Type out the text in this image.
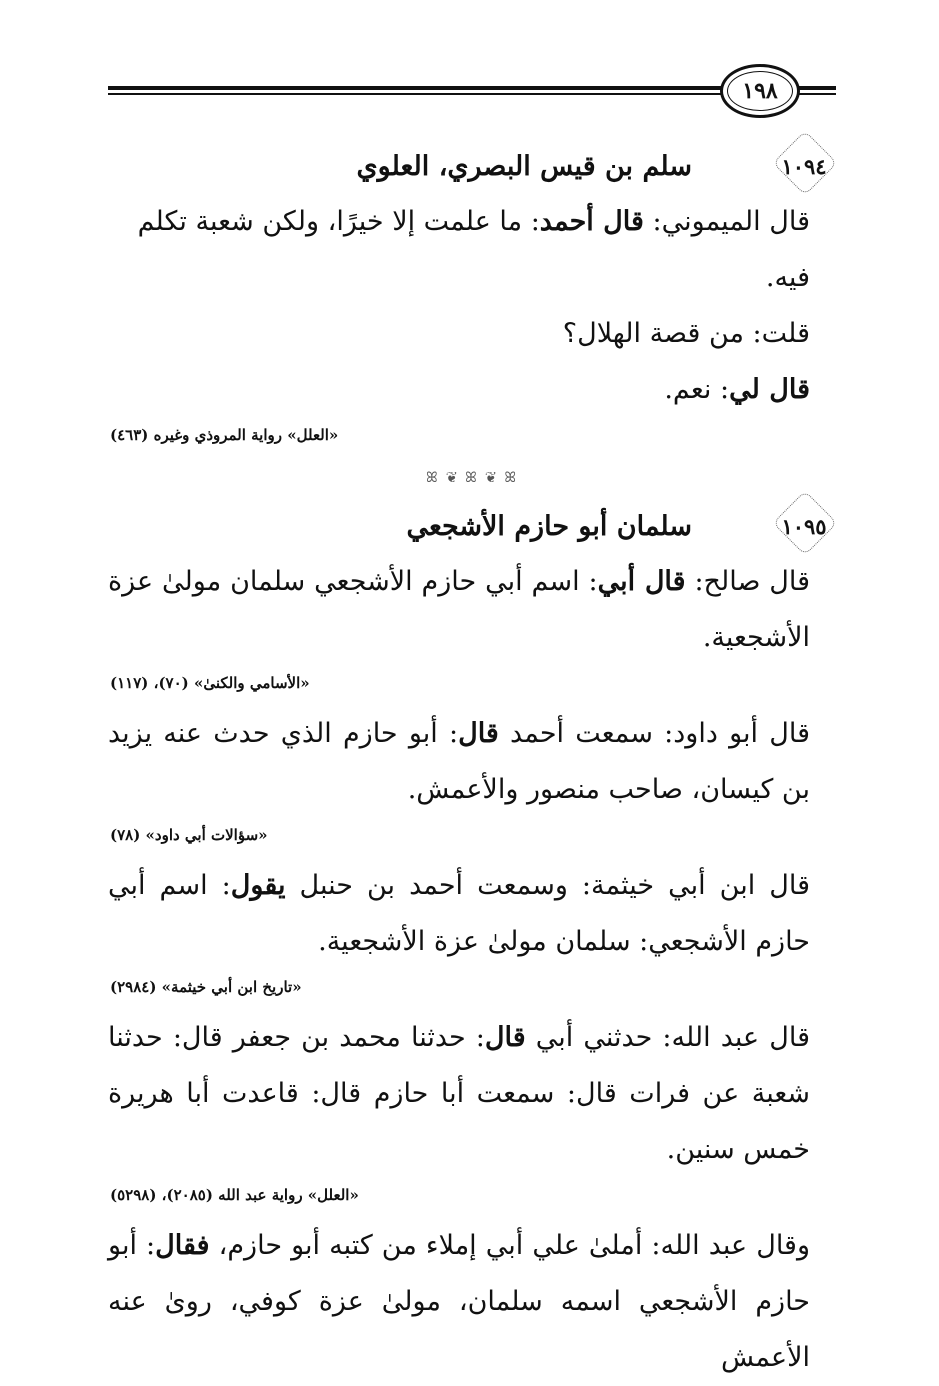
١٩٨
١٠٩٤
سلم بن قيس البصري، العلوي

قال الميموني: قال أحمد: ما علمت إلا خيرًا، ولكن شعبة تكلم فيه.

قلت: من قصة الهلال؟

قال لي: نعم.

«العلل» رواية المروذي وغيره (٤٦٣)
ꕤ ❦ ꕤ ❦ ꕤ
١٠٩٥
سلمان أبو حازم الأشجعي

قال صالح: قال أبي: اسم أبي حازم الأشجعي سلمان مولىٰ عزة الأشجعية.

«الأسامي والكنىٰ» (٧٠)، (١١٧)

قال أبو داود: سمعت أحمد قال: أبو حازم الذي حدث عنه يزيد بن كيسان، صاحب منصور والأعمش.

«سؤالات أبي داود» (٧٨)

قال ابن أبي خيثمة: وسمعت أحمد بن حنبل يقول: اسم أبي حازم الأشجعي: سلمان مولىٰ عزة الأشجعية.

«تاريخ ابن أبي خيثمة» (٢٩٨٤)

قال عبد الله: حدثني أبي قال: حدثنا محمد بن جعفر قال: حدثنا شعبة عن فرات قال: سمعت أبا حازم قال: قاعدت أبا هريرة خمس سنين.

«العلل» رواية عبد الله (٢٠٨٥)، (٥٢٩٨)

وقال عبد الله: أملىٰ علي أبي إملاء من كتبه أبو حازم، فقال: أبو حازم الأشجعي اسمه سلمان، مولىٰ عزة كوفي، روىٰ عنه الأعمش
